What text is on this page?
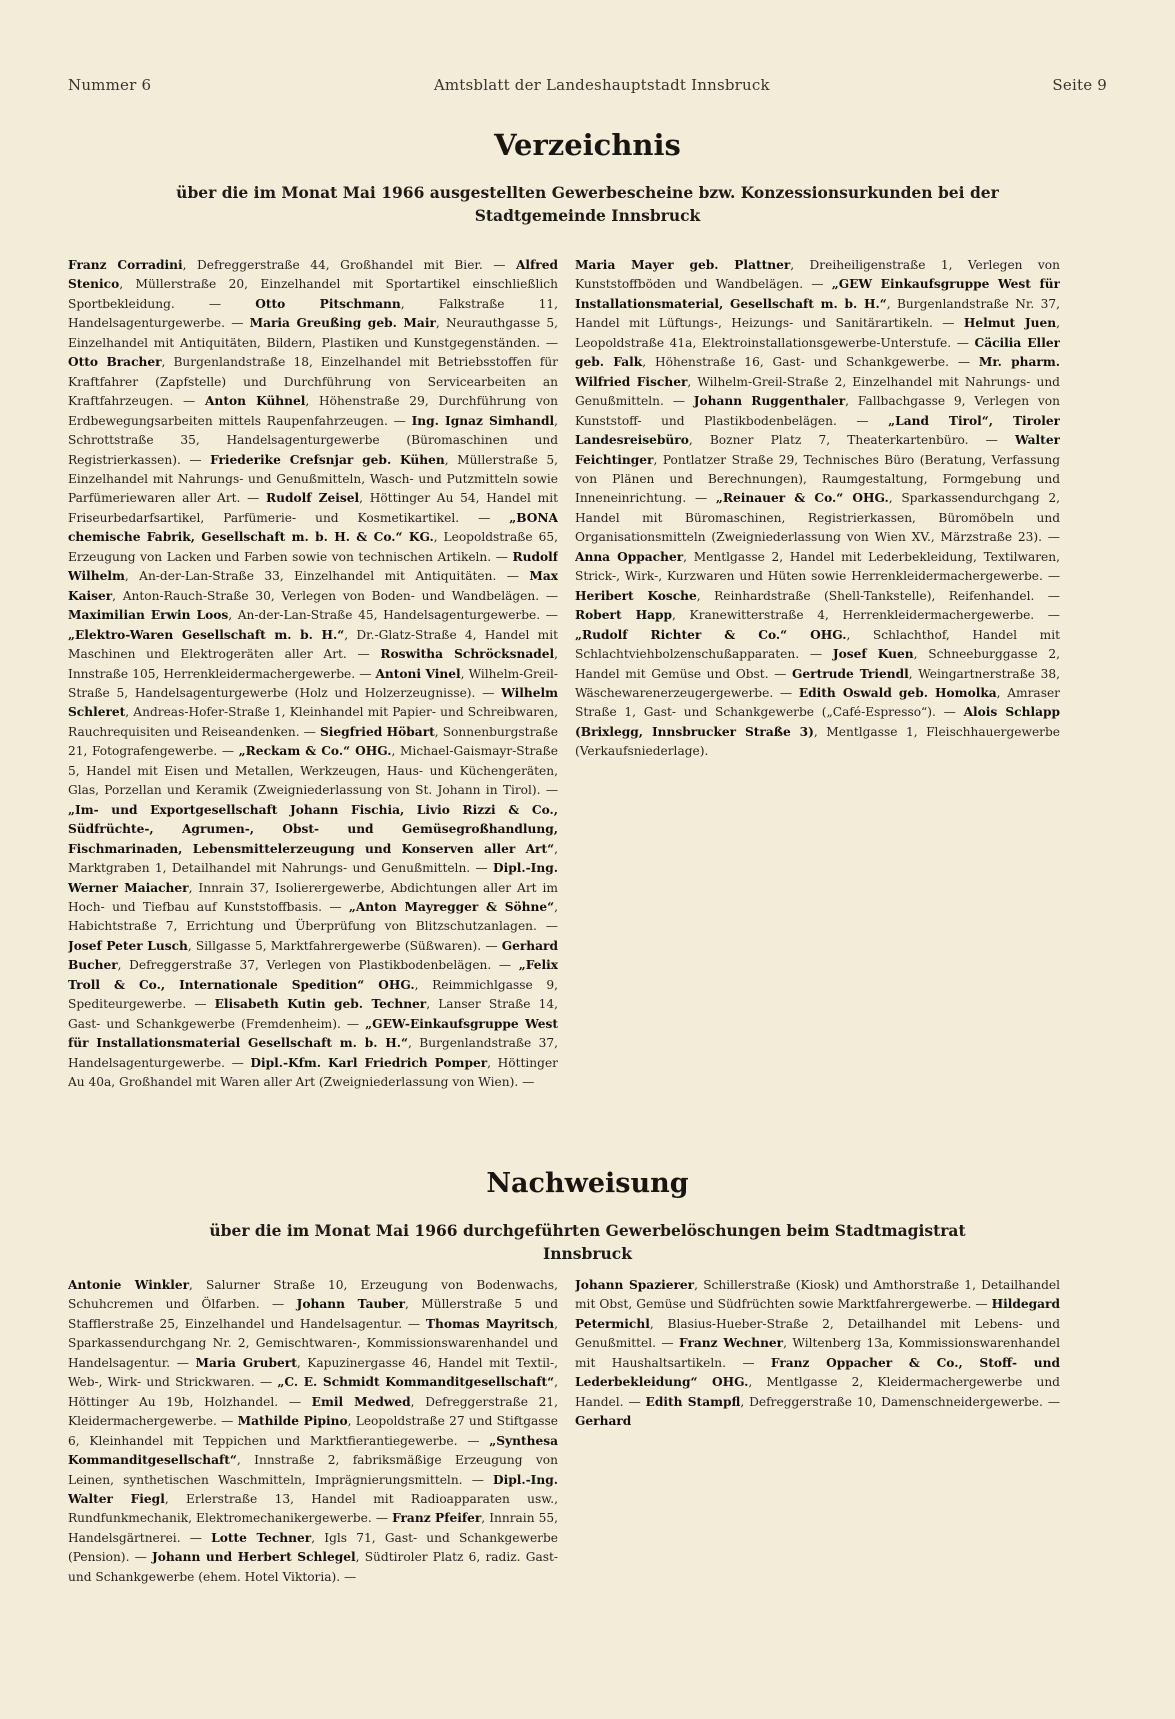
Nummer 6	Amtsblatt der Landeshauptstadt Innsbruck	Seite 9
Verzeichnis
über die im Monat Mai 1966 ausgestellten Gewerbescheine bzw. Konzessionsurkunden bei der Stadtgemeinde Innsbruck
Franz Corradini, Defreggerstraße 44, Großhandel mit Bier. — Alfred Stenico, Müllerstraße 20, Einzelhandel mit Sportartikel einschließlich Sportbekleidung. — Otto Pitschmann, Falkstraße 11, Handelsagenturgewerbe. — Maria Greußing geb. Mair, Neurauthgasse 5, Einzelhandel mit Antiquitäten, Bildern, Plastiken und Kunstgegenständen. — Otto Bracher, Burgenlandstraße 18, Einzelhandel mit Betriebsstoffen für Kraftfahrer (Zapfstelle) und Durchführung von Servicearbeiten an Kraftfahrzeugen. — Anton Kühnel, Höhenstraße 29, Durchführung von Erdbewegungsarbeiten mittels Raupenfahrzeugen. — Ing. Ignaz Simhandl, Schrottstraße 35, Handelsagenturgewerbe (Büromaschinen und Registrierkassen). — Friederike Crefsnjar geb. Kühen, Müllerstraße 5, Einzelhandel mit Nahrungs- und Genußmitteln, Wasch- und Putzmitteln sowie Parfümeriewaren aller Art. — Rudolf Zeisel, Höttinger Au 54, Handel mit Friseurbedarfsartikel, Parfümerie- und Kosmetikartikel. — „BONA chemische Fabrik, Gesellschaft m. b. H. & Co.“ KG., Leopoldstraße 65, Erzeugung von Lacken und Farben sowie von technischen Artikeln. — Rudolf Wilhelm, An-der-Lan-Straße 33, Einzelhandel mit Antiquitäten. — Max Kaiser, Anton-Rauch-Straße 30, Verlegen von Boden- und Wandbelägen. — Maximilian Erwin Loos, An-der-Lan-Straße 45, Handelsagenturgewerbe. — „Elektro-Waren Gesellschaft m. b. H.“, Dr.-Glatz-Straße 4, Handel mit Maschinen und Elektrogeräten aller Art. — Roswitha Schröcksnadel, Innstraße 105, Herrenkleidermachergewerbe. — Antoni Vinel, Wilhelm-Greil-Straße 5, Handelsagenturgewerbe (Holz und Holzerzeugnisse). — Wilhelm Schleret, Andreas-Hofer-Straße 1, Kleinhandel mit Papier- und Schreibwaren, Rauchrequisiten und Reiseandenken. — Siegfried Höbart, Sonnenburgstraße 21, Fotografengewerbe. — „Reckam & Co.“ OHG., Michael-Gaismayr-Straße 5, Handel mit Eisen und Metallen, Werkzeugen, Haus- und Küchengeräten, Glas, Porzellan und Keramik (Zweigniederlassung von St. Johann in Tirol). — „Im- und Exportgesellschaft Johann Fischia, Livio Rizzi & Co., Südfrüchte-, Agrumen-, Obst- und Gemüsegroßhandlung, Fischmarinaden, Lebensmittelerzeugung und Konserven aller Art“, Marktgraben 1, Detailhandel mit Nahrungs- und Genußmitteln. — Dipl.-Ing. Werner Maiacher, Innrain 37, Isolierergewerbe, Abdichtungen aller Art im Hoch- und Tiefbau auf Kunststoffbasis. — „Anton Mayregger & Söhne“, Habichtstraße 7, Errichtung und Überprüfung von Blitzschutzanlagen. — Josef Peter Lusch, Sillgasse 5, Marktfahrergewerbe (Süßwaren). — Gerhard Bucher, Defreggerstraße 37, Verlegen von Plastikbodenbelägen. — „Felix Troll & Co., Internationale Spedition“ OHG., Reimmichlgasse 9, Spediteurgewerbe. — Elisabeth Kutin geb. Techner, Lanser Straße 14, Gast- und Schankgewerbe (Fremdenheim). — „GEW-Einkaufsgruppe West für Installationsmaterial Gesellschaft m. b. H.“, Burgenlandstraße 37, Handelsagenturgewerbe. — Dipl.-Kfm. Karl Friedrich Pomper, Höttinger Au 40a, Großhandel mit Waren aller Art (Zweigniederlassung von Wien). —
Maria Mayer geb. Plattner, Dreiheiligenstraße 1, Verlegen von Kunststoffböden und Wandbelägen. — „GEW Einkaufsgruppe West für Installationsmaterial, Gesellschaft m. b. H.“, Burgenlandstraße Nr. 37, Handel mit Lüftungs-, Heizungs- und Sanitärartikeln. — Helmut Juen, Leopoldstraße 41a, Elektroinstallationsgewerbe-Unterstufe. — Cäcilia Eller geb. Falk, Höhenstraße 16, Gast- und Schankgewerbe. — Mr. pharm. Wilfried Fischer, Wilhelm-Greil-Straße 2, Einzelhandel mit Nahrungs- und Genußmitteln. — Johann Ruggenthaler, Fallbachgasse 9, Verlegen von Kunststoff- und Plastikbodenbelägen. — „Land Tirol“, Tiroler Landesreisebüro, Bozner Platz 7, Theaterkartenbüro. — Walter Feichtinger, Pontlatzer Straße 29, Technisches Büro (Beratung, Verfassung von Plänen und Berechnungen), Raumgestaltung, Formgebung und Inneneinrichtung. — „Reinauer & Co.“ OHG., Sparkassendurchgang 2, Handel mit Büromaschinen, Registrierkassen, Büromöbeln und Organisationsmitteln (Zweigniederlassung von Wien XV., Märzstraße 23). — Anna Oppacher, Mentlgasse 2, Handel mit Lederbekleidung, Textilwaren, Strick-, Wirk-, Kurzwaren und Hüten sowie Herrenkleidermachergewerbe. — Heribert Kosche, Reinhardstraße (Shell-Tankstelle), Reifenhandel. — Robert Happ, Kranewitterstraße 4, Herrenkleidermachergewerbe. — „Rudolf Richter & Co.“ OHG., Schlachthof, Handel mit Schlachtviehbolzenschußapparaten. — Josef Kuen, Schneeburggasse 2, Handel mit Gemüse und Obst. — Gertrude Triendl, Weingartnerstraße 38, Wäschewarenerzeugergewerbe. — Edith Oswald geb. Homolka, Amraser Straße 1, Gast- und Schankgewerbe („Café-Espresso“). — Alois Schlapp (Brixlegg, Innsbrucker Straße 3), Mentlgasse 1, Fleischhauergewerbe (Verkaufsniederlage).
Nachweisung
über die im Monat Mai 1966 durchgeführten Gewerbelöschungen beim Stadtmagistrat Innsbruck
Antonie Winkler, Salurner Straße 10, Erzeugung von Bodenwachs, Schuhcremen und Ölfarben. — Johann Tauber, Müllerstraße 5 und Stafflerstraße 25, Einzelhandel und Handelsagentur. — Thomas Mayritsch, Sparkassendurchgang Nr. 2, Gemischtwaren-, Kommissionswarenhandel und Handelsagentur. — Maria Grubert, Kapuzinergasse 46, Handel mit Textil-, Web-, Wirk- und Strickwaren. — „C. E. Schmidt Kommanditgesellschaft“, Höttinger Au 19b, Holzhandel. — Emil Medwed, Defreggerstraße 21, Kleidermachergewerbe. — Mathilde Pipino, Leopoldstraße 27 und Stiftgasse 6, Kleinhandel mit Teppichen und Marktfierantiegewerbe. — „Synthesa Kommanditgesellschaft“, Innstraße 2, fabriksmäßige Erzeugung von Leinen, synthetischen Waschmitteln, Imprägnierungsmitteln. — Dipl.-Ing. Walter Fiegl, Erlerstraße 13, Handel mit Radioapparaten usw., Rundfunkmechanik, Elektromechanikergewerbe. — Franz Pfeifer, Innrain 55, Handelsgärtnerei. — Lotte Techner, Igls 71, Gast- und Schankgewerbe (Pension). — Johann und Herbert Schlegel, Südtiroler Platz 6, radiz. Gast- und Schankgewerbe (ehem. Hotel Viktoria). —
Johann Spazierer, Schillerstraße (Kiosk) und Amthorstraße 1, Detailhandel mit Obst, Gemüse und Südfrüchten sowie Marktfahrergewerbe. — Hildegard Petermichl, Blasius-Hueber-Straße 2, Detailhandel mit Lebens- und Genußmittel. — Franz Wechner, Wiltenberg 13a, Kommissionswarenhandel mit Haushaltsartikeln. — Franz Oppacher & Co., Stoff- und Lederbekleidung“ OHG., Mentlgasse 2, Kleidermachergewerbe und Handel. — Edith Stampfl, Defreggerstraße 10, Damenschneidergewerbe. — Gerhard
